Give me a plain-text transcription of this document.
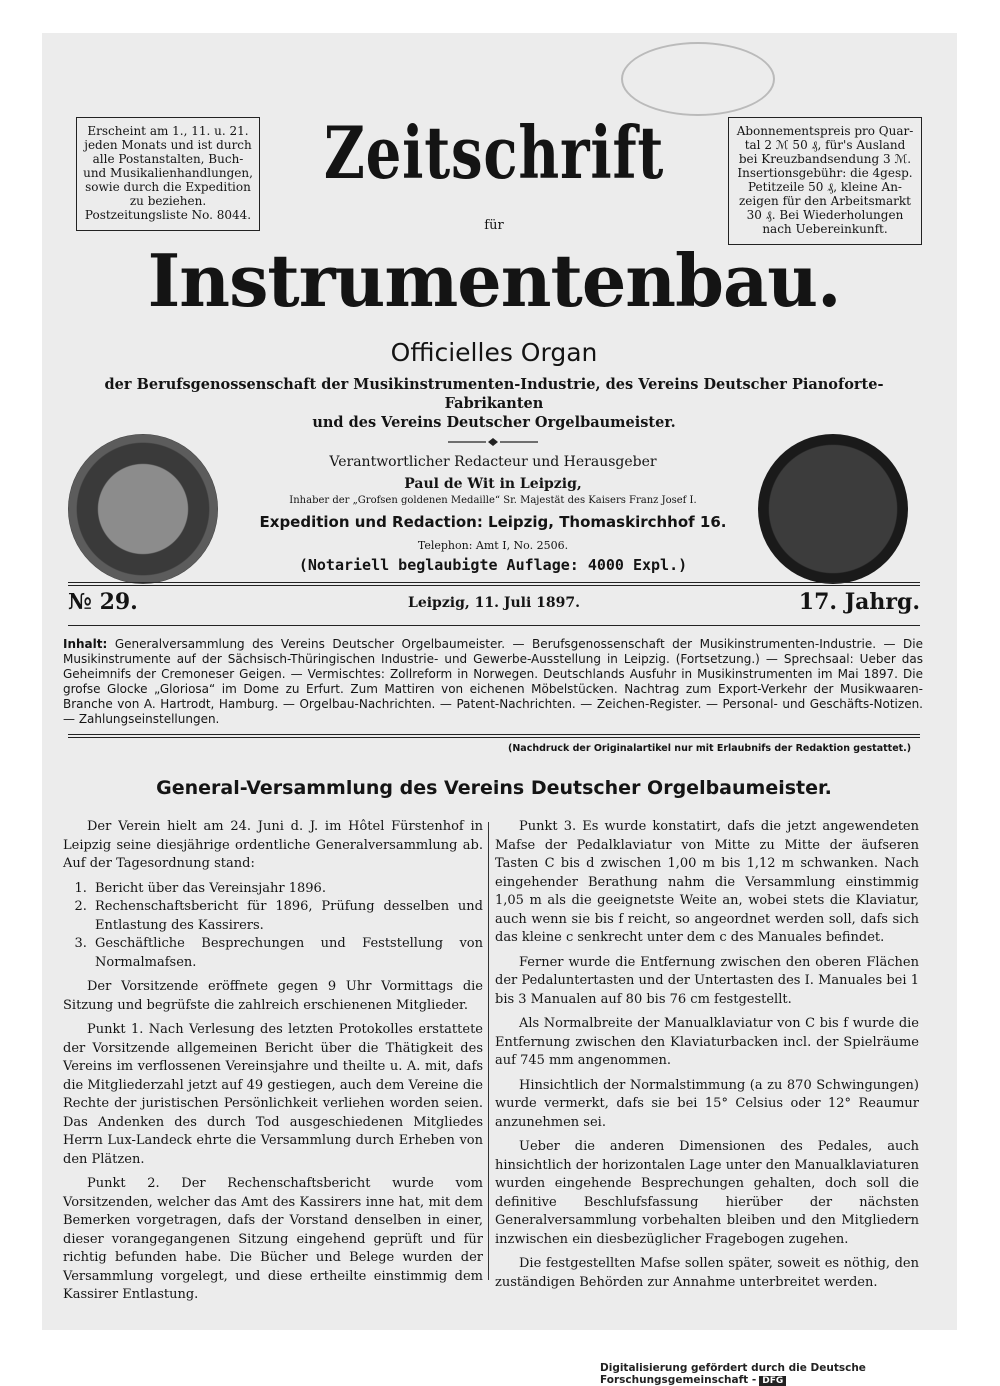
Erscheint am 1., 11. u. 21.
jeden Monats und ist durch
alle Postanstalten, Buch-
und Musikalienhandlungen,
sowie durch die Expedition
zu beziehen.
Postzeitungsliste No. 8044.
Abonnementspreis pro Quar-
tal 2 ℳ 50 ₰, für's Ausland
bei Kreuzbandsendung 3 ℳ.
Insertionsgebühr: die 4gesp.
Petitzeile 50 ₰, kleine An-
zeigen für den Arbeitsmarkt
30 ₰. Bei Wiederholungen
nach Uebereinkunft.
Zeitschrift
für
Instrumentenbau.
Officielles Organ
der Berufsgenossenschaft der Musikinstrumenten-Industrie, des Vereins Deutscher Pianoforte-Fabrikanten
und des Vereins Deutscher Orgelbaumeister.
Verantwortlicher Redacteur und Herausgeber
Paul de Wit in Leipzig,
Inhaber der „Grofsen goldenen Medaille“ Sr. Majestät des Kaisers Franz Josef I.
Expedition und Redaction: Leipzig, Thomaskirchhof 16.
Telephon: Amt I, No. 2506.
(Notariell beglaubigte Auflage: 4000 Expl.)
№ 29.	Leipzig, 11. Juli 1897.	17. Jahrg.
Inhalt: Generalversammlung des Vereins Deutscher Orgelbaumeister. — Berufsgenossenschaft der Musikinstrumenten-Industrie. — Die Musikinstrumente auf der Sächsisch-Thüringischen Industrie- und Gewerbe-Ausstellung in Leipzig. (Fortsetzung.) — Sprechsaal: Ueber das Geheimnifs der Cremoneser Geigen. — Vermischtes: Zollreform in Norwegen. Deutschlands Ausfuhr in Musikinstrumenten im Mai 1897. Die grofse Glocke „Gloriosa“ im Dome zu Erfurt. Zum Mattiren von eichenen Möbelstücken. Nachtrag zum Export-Verkehr der Musikwaaren-Branche von A. Hartrodt, Hamburg. — Orgelbau-Nachrichten. — Patent-Nachrichten. — Zeichen-Register. — Personal- und Geschäfts-Notizen. — Zahlungseinstellungen.
(Nachdruck der Originalartikel nur mit Erlaubnifs der Redaktion gestattet.)
General-Versammlung des Vereins Deutscher Orgelbaumeister.

Der Verein hielt am 24. Juni d. J. im Hôtel Fürstenhof in Leipzig seine diesjährige ordentliche Generalversammlung ab. Auf der Tagesordnung stand:

1. Bericht über das Vereinsjahr 1896.
2. Rechenschaftsbericht für 1896, Prüfung desselben und Entlastung des Kassirers.
3. Geschäftliche Besprechungen und Feststellung von Normalmafsen.

Der Vorsitzende eröffnete gegen 9 Uhr Vormittags die Sitzung und begrüfste die zahlreich erschienenen Mitglieder.

Punkt 1. Nach Verlesung des letzten Protokolles erstattete der Vorsitzende allgemeinen Bericht über die Thätigkeit des Vereins im verflossenen Vereinsjahre und theilte u. A. mit, dafs die Mitgliederzahl jetzt auf 49 gestiegen, auch dem Vereine die Rechte der juristischen Persönlichkeit verliehen worden seien. Das Andenken des durch Tod ausgeschiedenen Mitgliedes Herrn Lux-Landeck ehrte die Versammlung durch Erheben von den Plätzen.

Punkt 2. Der Rechenschaftsbericht wurde vom Vorsitzenden, welcher das Amt des Kassirers inne hat, mit dem Bemerken vorgetragen, dafs der Vorstand denselben in einer, dieser vorangegangenen Sitzung eingehend geprüft und für richtig befunden habe. Die Bücher und Belege wurden der Versammlung vorgelegt, und diese ertheilte einstimmig dem Kassirer Entlastung.

Punkt 3. Es wurde konstatirt, dafs die jetzt angewendeten Mafse der Pedalklaviatur von Mitte zu Mitte der äufseren Tasten C bis d zwischen 1,00 m bis 1,12 m schwanken. Nach eingehender Berathung nahm die Versammlung einstimmig 1,05 m als die geeignetste Weite an, wobei stets die Klaviatur, auch wenn sie bis f reicht, so angeordnet werden soll, dafs sich das kleine c senkrecht unter dem c des Manuales befindet.

Ferner wurde die Entfernung zwischen den oberen Flächen der Pedaluntertasten und der Untertasten des I. Manuales bei 1 bis 3 Manualen auf 80 bis 76 cm festgestellt.

Als Normalbreite der Manualklaviatur von C bis f wurde die Entfernung zwischen den Klaviaturbacken incl. der Spielräume auf 745 mm angenommen.

Hinsichtlich der Normalstimmung (a zu 870 Schwingungen) wurde vermerkt, dafs sie bei 15° Celsius oder 12° Reaumur anzunehmen sei.

Ueber die anderen Dimensionen des Pedales, auch hinsichtlich der horizontalen Lage unter den Manualklaviaturen wurden eingehende Besprechungen gehalten, doch soll die definitive Beschlufsfassung hierüber der nächsten Generalversammlung vorbehalten bleiben und den Mitgliedern inzwischen ein diesbezüglicher Fragebogen zugehen.

Die festgestellten Mafse sollen später, soweit es nöthig, den zuständigen Behörden zur Annahme unterbreitet werden.

Digitalisierung gefördert durch die Deutsche Forschungsgemeinschaft - DFG
